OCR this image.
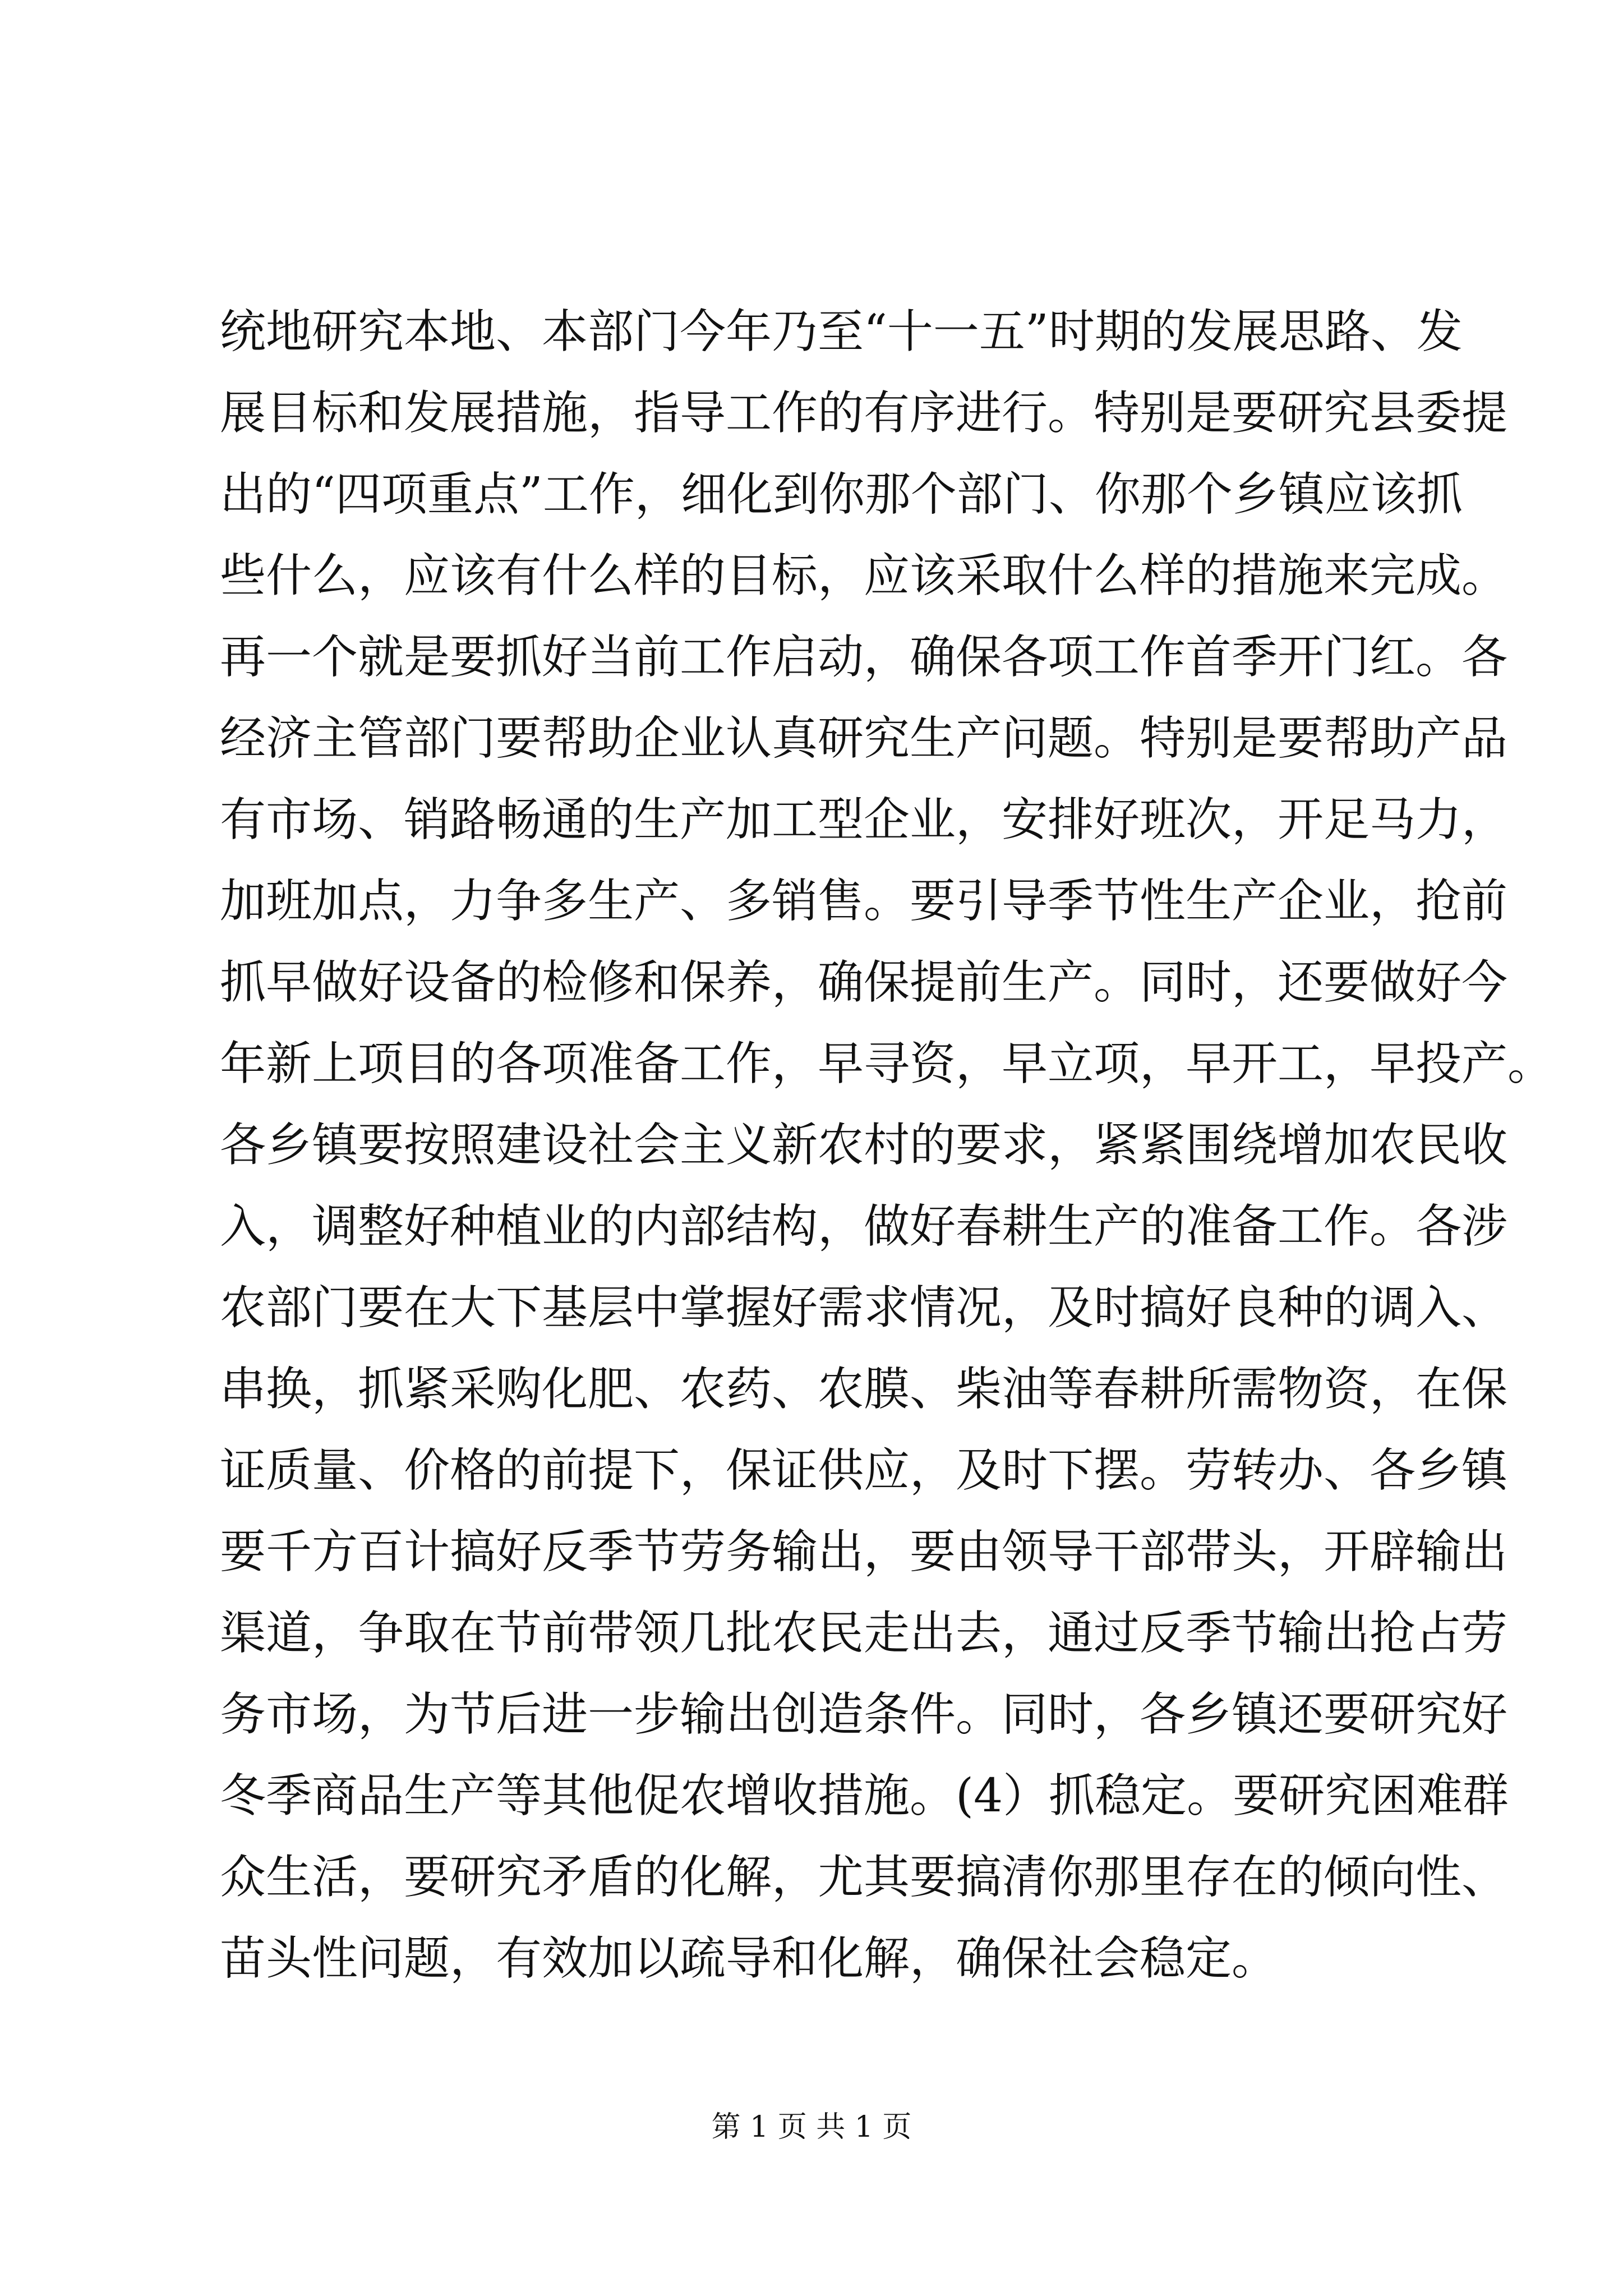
统地研究本地、本部门今年乃至“十一五”时期的发展思路、发
展目标和发展措施，指导工作的有序进行。特别是要研究县委提
出的“四项重点”工作，细化到你那个部门、你那个乡镇应该抓
些什么，应该有什么样的目标，应该采取什么样的措施来完成。
再一个就是要抓好当前工作启动，确保各项工作首季开门红。各
经济主管部门要帮助企业认真研究生产问题。特别是要帮助产品
有市场、销路畅通的生产加工型企业，安排好班次，开足马力，
加班加点，力争多生产、多销售。要引导季节性生产企业，抢前
抓早做好设备的检修和保养，确保提前生产。同时，还要做好今
年新上项目的各项准备工作，早寻资，早立项，早开工，早投产。
各乡镇要按照建设社会主义新农村的要求，紧紧围绕增加农民收
入，调整好种植业的内部结构，做好春耕生产的准备工作。各涉
农部门要在大下基层中掌握好需求情况，及时搞好良种的调入、
串换，抓紧采购化肥、农药、农膜、柴油等春耕所需物资，在保
证质量、价格的前提下，保证供应，及时下摆。劳转办、各乡镇
要千方百计搞好反季节劳务输出，要由领导干部带头，开辟输出
渠道，争取在节前带领几批农民走出去，通过反季节输出抢占劳
务市场，为节后进一步输出创造条件。同时，各乡镇还要研究好
冬季商品生产等其他促农增收措施。(4）抓稳定。要研究困难群
众生活，要研究矛盾的化解，尤其要搞清你那里存在的倾向性、
苗头性问题，有效加以疏导和化解，确保社会稳定。
第 1 页 共 1 页
